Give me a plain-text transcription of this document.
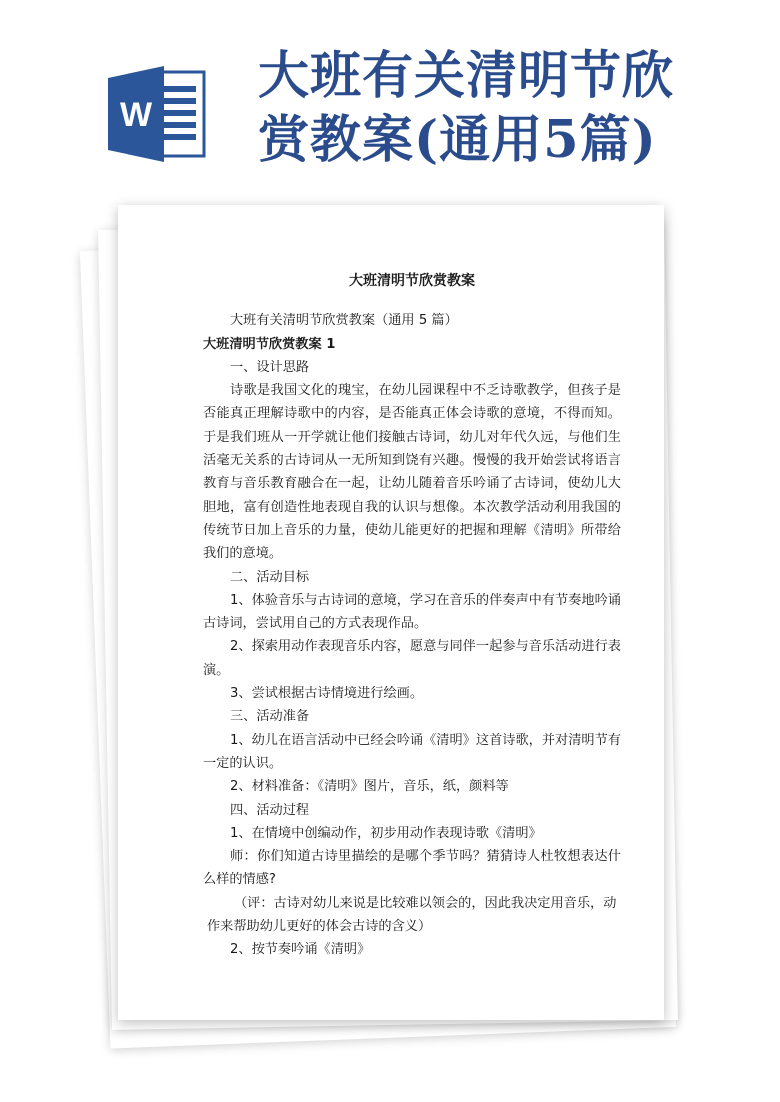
W
大班有关清明节欣
赏教案(通用5篇)

大班清明节欣赏教案

大班有关清明节欣赏教案（通用 5 篇）

大班清明节欣赏教案 1

一、设计思路

诗歌是我国文化的瑰宝，在幼儿园课程中不乏诗歌教学，但孩子是否能真正理解诗歌中的内容，是否能真正体会诗歌的意境，不得而知。于是我们班从一开学就让他们接触古诗词，幼儿对年代久远，与他们生活毫无关系的古诗词从一无所知到饶有兴趣。慢慢的我开始尝试将语言教育与音乐教育融合在一起，让幼儿随着音乐吟诵了古诗词，使幼儿大胆地，富有创造性地表现自我的认识与想像。本次教学活动利用我国的传统节日加上音乐的力量，使幼儿能更好的把握和理解《清明》所带给我们的意境。

二、活动目标

1、体验音乐与古诗词的意境，学习在音乐的伴奏声中有节奏地吟诵古诗词，尝试用自己的方式表现作品。

2、探索用动作表现音乐内容，愿意与同伴一起参与音乐活动进行表演。

3、尝试根据古诗情境进行绘画。

三、活动准备

1、幼儿在语言活动中已经会吟诵《清明》这首诗歌，并对清明节有一定的认识。

2、材料准备：《清明》图片，音乐，纸，颜料等

四、活动过程

1、在情境中创编动作，初步用动作表现诗歌《清明》

师：你们知道古诗里描绘的是哪个季节吗？猜猜诗人杜牧想表达什么样的情感?

（评：古诗对幼儿来说是比较难以领会的，因此我决定用音乐，动作来帮助幼儿更好的体会古诗的含义）

2、按节奏吟诵《清明》
